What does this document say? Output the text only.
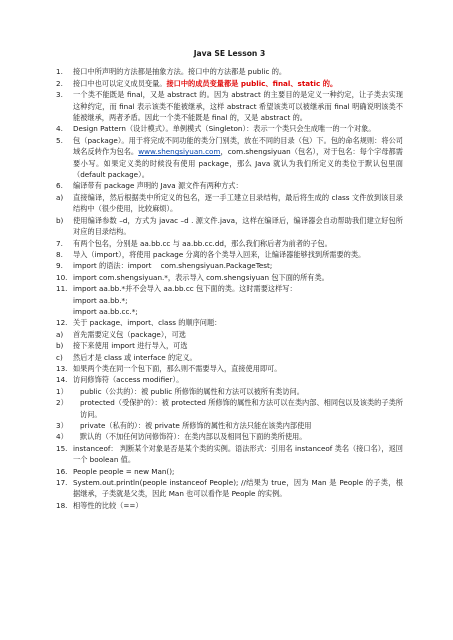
Java SE Lesson 3
1.	接口中所声明的方法都是抽象方法。接口中的方法都是 public 的。
2.	接口中也可以定义成员变量。接口中的成员变量都是 public、final、static 的。
3.	一个类不能既是 final，又是 abstract 的。因为 abstract 的主要目的是定义一种约定，让子类去实现这种约定，而 final 表示该类不能被继承，这样 abstract 希望该类可以被继承而 final 明确说明该类不能被继承，两者矛盾。因此一个类不能既是 final 的，又是 abstract 的。
4.	Design Pattern（设计模式）。单例模式（Singleton）：表示一个类只会生成唯一的一个对象。
5.	包（package）。用于将完成不同功能的类分门别类，放在不同的目录（包）下。包的命名规则：将公司域名反转作为包名。www.shengsiyuan.com，com.shengsiyuan（包名），对于包名：每个字母都需要小写。如果定义类的时候没有使用 package，那么 Java 就认为我们所定义的类位于默认包里面（default package）。
6.	编译带有 package 声明的 Java 源文件有两种方式：
a)	直接编译，然后根据类中所定义的包名，逐一手工建立目录结构，最后将生成的 class 文件放到该目录结构中（很少使用，比较麻烦）。
b)	使用编译参数 –d，方式为 javac –d . 源文件.java，这样在编译后，编译器会自动帮助我们建立好包所对应的目录结构。
7.	有两个包名，分别是 aa.bb.cc 与 aa.bb.cc.dd，那么我们称后者为前者的子包。
8.	导入（import），将使用 package 分离的各个类导入回来，让编译器能够找到所需要的类。
9.	import 的语法：import    com.shengsiyuan.PackageTest;
10. import com.shengsiyuan.*，表示导入 com.shengsiyuan 包下面的所有类。
11. import aa.bb.*并不会导入 aa.bb.cc 包下面的类。这时需要这样写：
import aa.bb.*;
import aa.bb.cc.*;
12. 关于 package、import、class 的顺序问题：
a)	首先需要定义包（package），可选
b)	接下来使用 import 进行导入，可选
c)	然后才是 class 或 interface 的定义。
13. 如果两个类在同一个包下面，那么则不需要导入，直接使用即可。
14. 访问修饰符（access modifier）。
1）	public（公共的）：被 public 所修饰的属性和方法可以被所有类访问。
2）	protected（受保护的）：被 protected 所修饰的属性和方法可以在类内部、相同包以及该类的子类所访问。
3）	private（私有的）：被 private 所修饰的属性和方法只能在该类内部使用
4）	默认的（不加任何访问修饰符）：在类内部以及相同包下面的类所使用。
15. instanceof： 判断某个对象是否是某个类的实例。语法形式：引用名 instanceof 类名（接口名），返回一个 boolean 值。
16. People people = new Man();
17. System.out.println(people instanceof People); //结果为 true，因为 Man 是 People 的子类，根据继承，子类就是父类，因此 Man 也可以看作是 People 的实例。
18. 相等性的比较（==）
